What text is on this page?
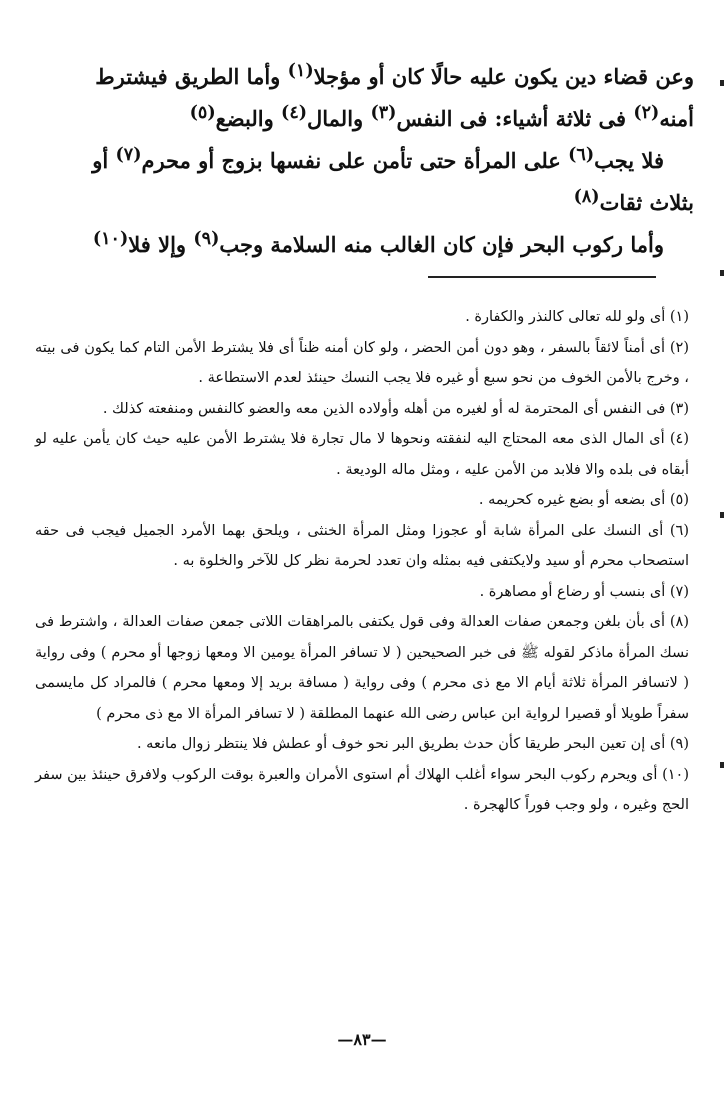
وعن قضاء دين يكون عليه حالًا كان أو مؤجلا$^{(١)}$ وأما الطريق فيشترط
أمنه$^{(٢)}$ فى ثلاثة أشياء: فى النفس$^{(٣)}$ والمال$^{(٤)}$ والبضع$^{(٥)}$
فلا يجب$^{(٦)}$ على المرأة حتى تأمن على نفسها بزوج أو محرم$^{(٧)}$ أو
بثلاث ثقات$^{(٨)}$
وأما ركوب البحر فإن كان الغالب منه السلامة وجب$^{(٩)}$ وإلا فلا$^{(١٠)}$
(١) أى ولو لله تعالى كالنذر والكفارة .
(٢) أى أمناً لائقاً بالسفر ، وهو دون أمن الحضر ، ولو كان أمنه ظناً أى فلا يشترط الأمن التام كما يكون فى بيته ، وخرج بالأمن الخوف من نحو سبع أو غيره فلا يجب النسك حينئذ لعدم الاستطاعة .
(٣) فى النفس أى المحترمة له أو لغيره من أهله وأولاده الذين معه والعضو كالنفس ومنفعته كذلك .
(٤) أى المال الذى معه المحتاج اليه لنفقته ونحوها لا مال تجارة فلا يشترط الأمن عليه حيث كان يأمن عليه لو أبقاه فى بلده والا فلابد من الأمن عليه ، ومثل ماله الوديعة .
(٥) أى بضعه أو بضع غيره كحريمه .
(٦) أى النسك على المرأة شابة أو عجوزا ومثل المرأة الخنثى ، ويلحق بهما الأمرد الجميل فيجب فى حقه استصحاب محرم أو سيد ولايكتفى فيه بمثله وان تعدد لحرمة نظر كل للآخر والخلوة به .
(٧) أى بنسب أو رضاع أو مصاهرة .
(٨) أى بأن بلغن وجمعن صفات العدالة وفى قول يكتفى بالمراهقات اللاتى جمعن صفات العدالة ، واشترط فى نسك المرأة ماذكر لقوله ﷺ فى خبر الصحيحين ( لا تسافر المرأة يومين الا ومعها زوجها أو محرم ) وفى رواية ( لاتسافر المرأة ثلاثة أيام الا مع ذى محرم ) وفى رواية ( مسافة بريد إلا ومعها محرم ) فالمراد كل مايسمى سفراً طويلا أو قصيرا لرواية ابن عباس رضى الله عنهما المطلقة ( لا تسافر المرأة الا مع ذى محرم )
(٩) أى إن تعين البحر طريقا كأن حدث بطريق البر نحو خوف أو عطش فلا ينتظر زوال مانعه .
(١٠) أى ويحرم ركوب البحر سواء أغلب الهلاك أم استوى الأمران والعبرة بوقت الركوب ولافرق حينئذ بين سفر الحج وغيره ، ولو وجب فوراً كالهجرة .
—٨٣—
